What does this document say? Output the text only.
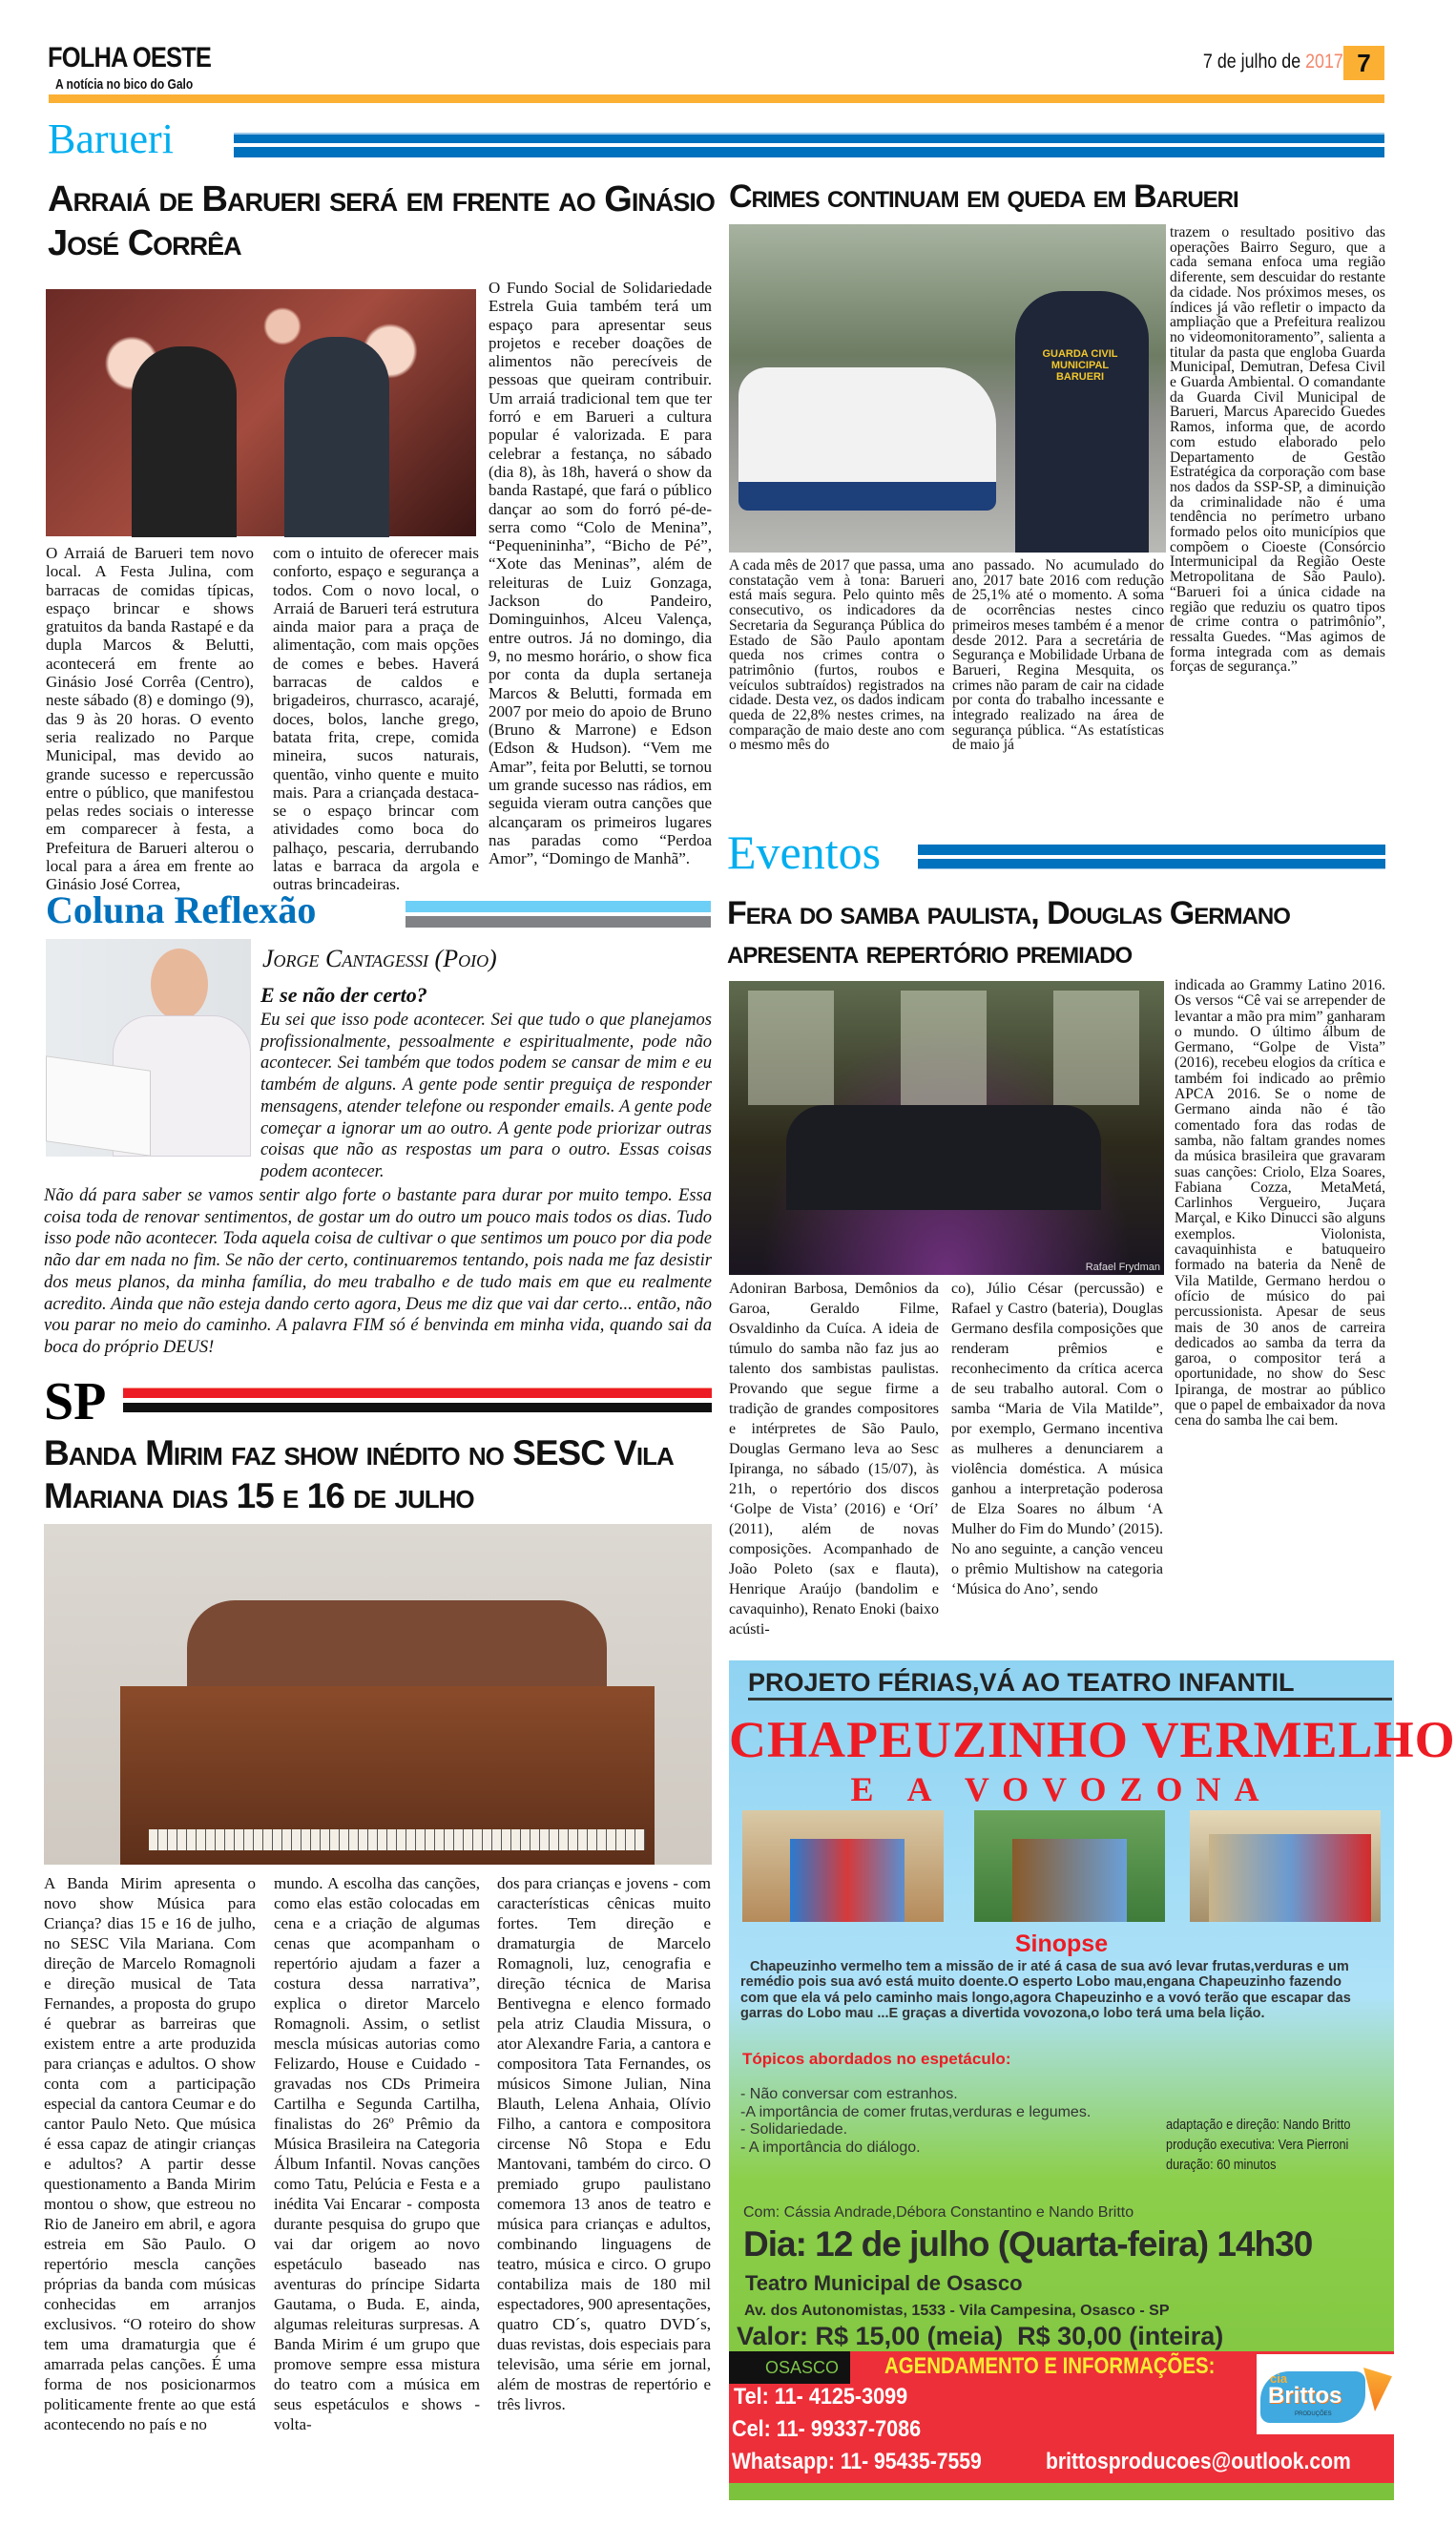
FOLHA OESTE
A notícia no bico do Galo
7 de julho de 2017 7
Barueri
Arraiá de Barueri será em frente ao Ginásio José Corrêa
O Arraiá de Barueri tem novo local. A Festa Julina, com barracas de comidas típicas, espaço brincar e shows gratuitos da banda Rastapé e da dupla Marcos & Belutti, acontecerá em frente ao Ginásio José Corrêa (Centro), neste sábado (8) e domingo (9), das 9 às 20 horas. O evento seria realizado no Parque Municipal, mas devido ao grande sucesso e repercussão entre o público, que manifestou pelas redes sociais o interesse em comparecer à festa, a Prefeitura de Barueri alterou o local para a área em frente ao Ginásio José Correa,
com o intuito de oferecer mais conforto, espaço e segurança a todos. Com o novo local, o Arraiá de Barueri terá estrutura ainda maior para a praça de alimentação, com mais opções de comes e bebes. Haverá barracas de caldos e brigadeiros, churrasco, acarajé, doces, bolos, lanche grego, batata frita, crepe, comida mineira, sucos naturais, quentão, vinho quente e muito mais. Para a criançada destaca-se o espaço brincar com atividades como boca do palhaço, pescaria, derrubando latas e barraca da argola e outras brincadeiras.
O Fundo Social de Solidariedade Estrela Guia também terá um espaço para apresentar seus projetos e receber doações de alimentos não perecíveis de pessoas que queiram contribuir. Um arraiá tradicional tem que ter forró e em Barueri a cultura popular é valorizada. E para celebrar a festança, no sábado (dia 8), às 18h, haverá o show da banda Rastapé, que fará o público dançar ao som do forró pé-de-serra como “Colo de Menina”, “Pequenininha”, “Bicho de Pé”, “Xote das Meninas”, além de releituras de Luiz Gonzaga, Jackson do Pandeiro, Dominguinhos, Alceu Valença, entre outros. Já no domingo, dia 9, no mesmo horário, o show fica por conta da dupla sertaneja Marcos & Belutti, formada em 2007 por meio do apoio de Bruno (Bruno & Marrone) e Edson (Edson & Hudson). “Vem me Amar”, feita por Belutti, se tornou um grande sucesso nas rádios, em seguida vieram outra canções que alcançaram os primeiros lugares nas paradas como “Perdoa Amor”, “Domingo de Manhã”.
Crimes continuam em queda em Barueri
GUARDA CIVIL MUNICIPAL BARUERI
A cada mês de 2017 que passa, uma constatação vem à tona: Barueri está mais segura. Pelo quinto mês consecutivo, os indicadores da Secretaria da Segurança Pública do Estado de São Paulo apontam queda nos crimes contra o patrimônio (furtos, roubos e veículos subtraídos) registrados na cidade. Desta vez, os dados indicam queda de 22,8% nestes crimes, na comparação de maio deste ano com o mesmo mês do
ano passado. No acumulado do ano, 2017 bate 2016 com redução de 25,1% até o momento. A soma de ocorrências nestes cinco primeiros meses também é a menor desde 2012. Para a secretária de Segurança e Mobilidade Urbana de Barueri, Regina Mesquita, os crimes não param de cair na cidade por conta do trabalho incessante e integrado realizado na área de segurança pública. “As estatísticas de maio já
trazem o resultado positivo das operações Bairro Seguro, que a cada semana enfoca uma região diferente, sem descuidar do restante da cidade. Nos próximos meses, os índices já vão refletir o impacto da ampliação que a Prefeitura realizou no videomonitoramento”, salienta a titular da pasta que engloba Guarda Municipal, Demutran, Defesa Civil e Guarda Ambiental. O comandante da Guarda Civil Municipal de Barueri, Marcus Aparecido Guedes Ramos, informa que, de acordo com estudo elaborado pelo Departamento de Gestão Estratégica da corporação com base nos dados da SSP-SP, a diminuição da criminalidade não é uma tendência no perímetro urbano formado pelos oito municípios que compõem o Cioeste (Consórcio Intermunicipal da Região Oeste Metropolitana de São Paulo). “Barueri foi a única cidade na região que reduziu os quatro tipos de crime contra o patrimônio”, ressalta Guedes. “Mas agimos de forma integrada com as demais forças de segurança.”
Coluna Reflexão
Jorge Cantagessi (Poio)
E se não der certo?
Eu sei que isso pode acontecer. Sei que tudo o que planejamos profissionalmente, pessoalmente e espiritualmente, pode não acontecer. Sei também que todos podem se cansar de mim e eu também de alguns. A gente pode sentir preguiça de responder mensagens, atender telefone ou responder emails. A gente pode começar a ignorar um ao outro. A gente pode priorizar outras coisas que não as respostas um para o outro. Essas coisas podem acontecer.
Não dá para saber se vamos sentir algo forte o bastante para durar por muito tempo. Essa coisa toda de renovar sentimentos, de gostar um do outro um pouco mais todos os dias. Tudo isso pode não acontecer. Toda aquela coisa de cultivar o que sentimos um pouco por dia pode não dar em nada no fim. Se não der certo, continuaremos tentando, pois nada me faz desistir dos meus planos, da minha família, do meu trabalho e de tudo mais em que eu realmente acredito. Ainda que não esteja dando certo agora, Deus me diz que vai dar certo... então, não vou parar no meio do caminho. A palavra FIM só é benvinda em minha vida, quando sai da boca do próprio DEUS!
SP
Banda Mirim faz show inédito no SESC Vila Mariana dias 15 e 16 de julho
A Banda Mirim apresenta o novo show Música para Criança? dias 15 e 16 de julho, no SESC Vila Mariana. Com direção de Marcelo Romagnoli e direção musical de Tata Fernandes, a proposta do grupo é quebrar as barreiras que existem entre a arte produzida para crianças e adultos. O show conta com a participação especial da cantora Ceumar e do cantor Paulo Neto. Que música é essa capaz de atingir crianças e adultos? A partir desse questionamento a Banda Mirim montou o show, que estreou no Rio de Janeiro em abril, e agora estreia em São Paulo. O repertório mescla canções próprias da banda com músicas conhecidas em arranjos exclusivos. “O roteiro do show tem uma dramaturgia que é amarrada pelas canções. É uma forma de nos posicionarmos politicamente frente ao que está acontecendo no país e no
mundo. A escolha das canções, como elas estão colocadas em cena e a criação de algumas cenas que acompanham o repertório ajudam a fazer a costura dessa narrativa”, explica o diretor Marcelo Romagnoli. Assim, o setlist mescla músicas autorias como Felizardo, House e Cuidado - gravadas nos CDs Primeira Cartilha e Segunda Cartilha, finalistas do 26º Prêmio da Música Brasileira na Categoria Álbum Infantil. Novas canções como Tatu, Pelúcia e Festa e a inédita Vai Encarar - composta durante pesquisa do grupo que vai dar origem ao novo espetáculo baseado nas aventuras do príncipe Sidarta Gautama, o Buda. E, ainda, algumas releituras surpresas. A Banda Mirim é um grupo que promove sempre essa mistura do teatro com a música em seus espetáculos e shows - volta-
dos para crianças e jovens - com características cênicas muito fortes. Tem direção e dramaturgia de Marcelo Romagnoli, luz, cenografia e direção técnica de Marisa Bentivegna e elenco formado pela atriz Claudia Missura, o ator Alexandre Faria, a cantora e compositora Tata Fernandes, os músicos Simone Julian, Nina Blauth, Lelena Anhaia, Olívio Filho, a cantora e compositora circense Nô Stopa e Edu Mantovani, também do circo. O premiado grupo paulistano comemora 13 anos de teatro e música para crianças e adultos, combinando linguagens de teatro, música e circo. O grupo contabiliza mais de 180 mil espectadores, 900 apresentações, quatro CD´s, quatro DVD´s, duas revistas, dois especiais para televisão, uma série em jornal, além de mostras de repertório e três livros.
Eventos
Fera do samba paulista, Douglas Germano apresenta repertório premiado
Rafael Frydman
Adoniran Barbosa, Demônios da Garoa, Geraldo Filme, Osvaldinho da Cuíca. A ideia de túmulo do samba não faz jus ao talento dos sambistas paulistas. Provando que segue firme a tradição de grandes compositores e intérpretes de São Paulo, Douglas Germano leva ao Sesc Ipiranga, no sábado (15/07), às 21h, o repertório dos discos ‘Golpe de Vista’ (2016) e ‘Orí’ (2011), além de novas composições. Acompanhado de João Poleto (sax e flauta), Henrique Araújo (bandolim e cavaquinho), Renato Enoki (baixo acústi-
co), Júlio César (percussão) e Rafael y Castro (bateria), Douglas Germano desfila composições que renderam prêmios e reconhecimento da crítica acerca de seu trabalho autoral. Com o samba “Maria de Vila Matilde”, por exemplo, Germano incentiva as mulheres a denunciarem a violência doméstica. A música ganhou a interpretação poderosa de Elza Soares no álbum ‘A Mulher do Fim do Mundo’ (2015). No ano seguinte, a canção venceu o prêmio Multishow na categoria ‘Música do Ano’, sendo
indicada ao Grammy Latino 2016. Os versos “Cê vai se arrepender de levantar a mão pra mim” ganharam o mundo. O último álbum de Germano, “Golpe de Vista” (2016), recebeu elogios da crítica e também foi indicado ao prêmio APCA 2016. Se o nome de Germano ainda não é tão comentado fora das rodas de samba, não faltam grandes nomes da música brasileira que gravaram suas canções: Criolo, Elza Soares, Fabiana Cozza, MetaMetá, Carlinhos Vergueiro, Juçara Marçal, e Kiko Dinucci são alguns exemplos. Violonista, cavaquinhista e batuqueiro formado na bateria da Nenê de Vila Matilde, Germano herdou o ofício de músico do pai percussionista. Apesar de seus mais de 30 anos de carreira dedicados ao samba da terra da garoa, o compositor terá a oportunidade, no show do Sesc Ipiranga, de mostrar ao público que o papel de embaixador da nova cena do samba lhe cai bem.
PROJETO FÉRIAS,VÁ AO TEATRO INFANTIL
CHAPEUZINHO VERMELHO
E A VOVOZONA
Sinopse
Chapeuzinho vermelho tem a missão de ir até á casa de sua avó levar frutas,verduras e um remédio pois sua avó está muito doente.O esperto Lobo mau,engana Chapeuzinho fazendo com que ela vá pelo caminho mais longo,agora Chapeuzinho e a vovó terão que escapar das garras do Lobo mau ...E graças a divertida vovozona,o lobo terá uma bela lição.
Tópicos abordados no espetáculo:
- Não conversar com estranhos.
-A importância de comer frutas,verduras e legumes.
- Solidariedade.
- A importância do diálogo.
adaptação e direção: Nando Britto
produção executiva: Vera Pierroni
duração: 60 minutos
Com: Cássia Andrade,Débora Constantino e Nando Britto
Dia: 12 de julho (Quarta-feira) 14h30
Teatro Municipal de Osasco
Av. dos Autonomistas, 1533 - Vila Campesina, Osasco - SP
Valor: R$ 15,00 (meia)  R$ 30,00 (inteira)
OSASCO	AGENDAMENTO E INFORMAÇÕES:
Tel: 11- 4125-3099
Cel: 11- 99337-7086
Whatsapp: 11- 95435-7559	brittosproducoes@outlook.com
cia
Brittos
PRODUÇÕES
